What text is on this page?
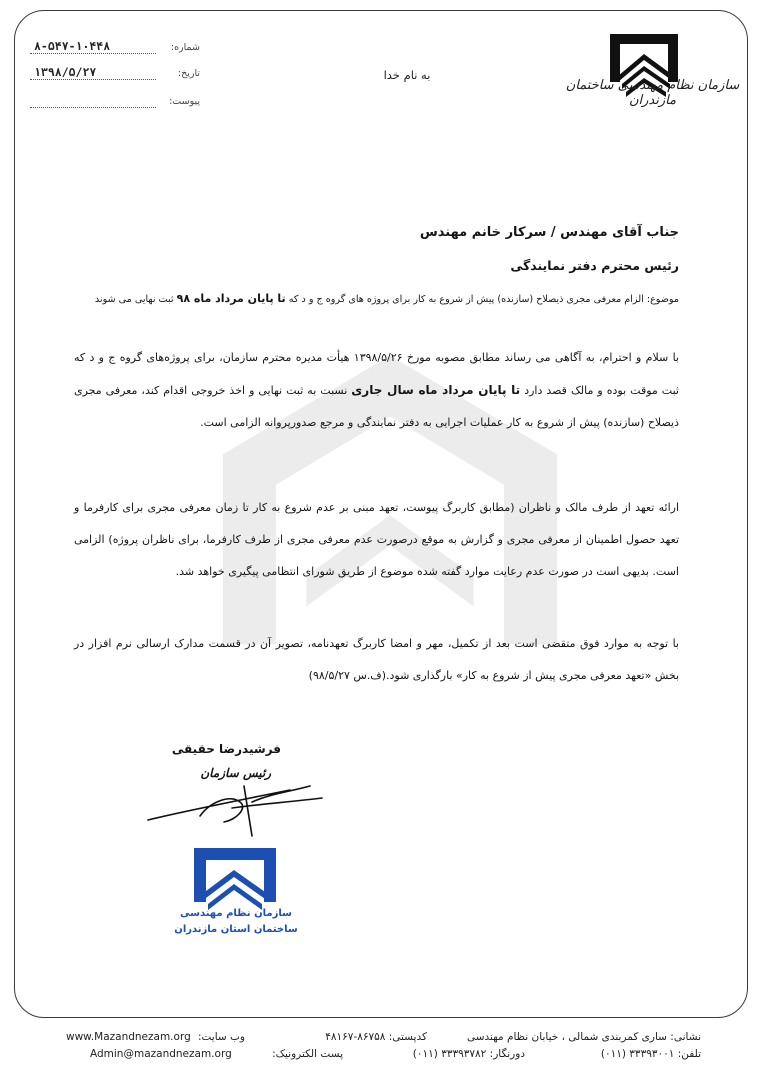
سازمان نظام مهندسی ساختمان مازندران
به نام خدا
شماره:
۸-۵۴۷-۱۰۴۴۸
تاریخ:
۱۳۹۸/۵/۲۷
پیوست:
جناب آقای مهندس / سرکار خانم مهندس
رئیس محترم دفتر نمایندگی
موضوع: الزام معرفی مجری ذیصلاح (سازنده) پیش از شروع به کار برای پروژه های گروه ج و د که تا پایان مرداد ماه ۹۸ ثبت نهایی می شوند
با سلام و احترام، به آگاهی می رساند مطابق مصوبه مورخ ۱۳۹۸/۵/۲۶ هیأت مدیره محترم سازمان، برای پروژه‌های گروه ج و د که ثبت موقت بوده و مالک قصد دارد تا پایان مرداد ماه سال جاری نسبت به ثبت نهایی و اخذ خروجی اقدام کند، معرفی مجری ذیصلاح (سازنده) پیش از شروع به کار عملیات اجرایی به دفتر نمایندگی و مرجع صدورپروانه الزامی است.
ارائه تعهد از طرف مالک و ناظران (مطابق کاربرگ پیوست، تعهد مبنی بر عدم شروع به کار تا زمان معرفی مجری برای کارفرما و تعهد حصول اطمینان از معرفی مجری و گزارش به موقع درصورت عدم معرفی مجری از طرف کارفرما، برای ناظران پروژه) الزامی است. بدیهی است در صورت عدم رعایت موارد گفته شده موضوع از طریق شورای انتظامی پیگیری خواهد شد.
با توجه به موارد فوق متقضی است بعد از تکمیل، مهر و امضا کاربرگ تعهدنامه، تصویر آن در قسمت مدارک ارسالی نرم افزار در بخش «تعهد معرفی مجری پیش از شروع به کار» بارگذاری شود.(ف.س ۹۸/۵/۲۷)
فرشیدرضا حقیقی
رئیس سازمان
سازمان نظام مهندسی
ساختمان استان مازندران
نشانی: ساری کمربندی شمالی ، خیابان نظام مهندسی
کدپستی: ۸۶۷۵۸-۴۸۱۶۷
وب سایت:
www.Mazandnezam.org
تلفن: ۳۳۳۹۳۰۰۱ (۰۱۱)
دورنگار: ۳۳۳۹۳۷۸۲ (۰۱۱)
پست الکترونیک:
Admin@mazandnezam.org
